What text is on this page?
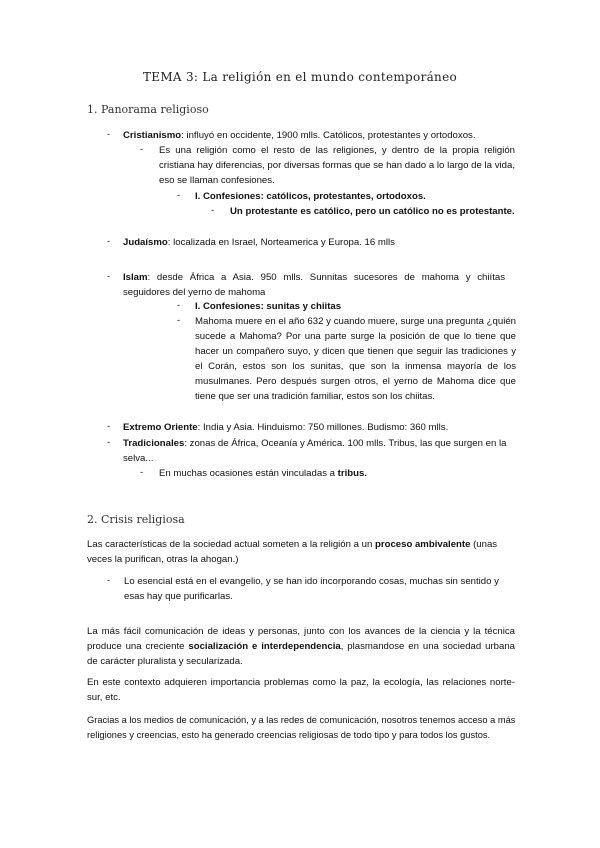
TEMA 3: La religión en el mundo contemporáneo
1. Panorama religioso
- Cristianismo: influyó en occidente, 1900 mlls. Católicos, protestantes y ortodoxos.
- Es una religión como el resto de las religiones, y dentro de la propia religión cristiana hay diferencias, por diversas formas que se han dado a lo largo de la vida, eso se llaman confesiones.
- I. Confesiones: católicos, protestantes, ortodoxos.
- Un protestante es católico, pero un católico no es protestante.
- Judaísmo: localizada en Israel, Norteamerica y Europa. 16 mlls
- Islam: desde África a Asia. 950 mlls. Sunnitas sucesores de mahoma y chiítas seguidores del yerno de mahoma
- I. Confesiones: sunitas y chiitas
- Mahoma muere en el año 632 y cuando muere, surge una pregunta ¿quién sucede a Mahoma? Por una parte surge la posición de que lo tiene que hacer un compañero suyo, y dicen que tienen que seguir las tradiciones y el Corán, estos son los sunitas, que son la inmensa mayoría de los musulmanes. Pero después surgen otros, el yerno de Mahoma dice que tiene que ser una tradición familiar, estos son los chiitas.
- Extremo Oriente: India y Asia. Hinduismo: 750 millones. Budismo: 360 mlls.
- Tradicionales: zonas de África, Oceanía y América. 100 mlls. Tribus, las que surgen en la selva...
- En muchas ocasiones están vinculadas a tribus.
2. Crisis religiosa
Las características de la sociedad actual someten a la religión a un proceso ambivalente (unas veces la purifican, otras la ahogan.)
- Lo esencial está en el evangelio, y se han ido incorporando cosas, muchas sin sentido y esas hay que purificarlas.
La más fácil comunicación de ideas y personas, junto con los avances de la ciencia y la técnica produce una creciente socialización e interdependencia, plasmandose en una sociedad urbana de carácter pluralista y secularizada.
En este contexto adquieren importancia problemas como la paz, la ecología, las relaciones norte-sur, etc.
Gracias a los medios de comunicación, y a las redes de comunicación, nosotros tenemos acceso a más religiones y creencias, esto ha generado creencias religiosas de todo tipo y para todos los gustos.
